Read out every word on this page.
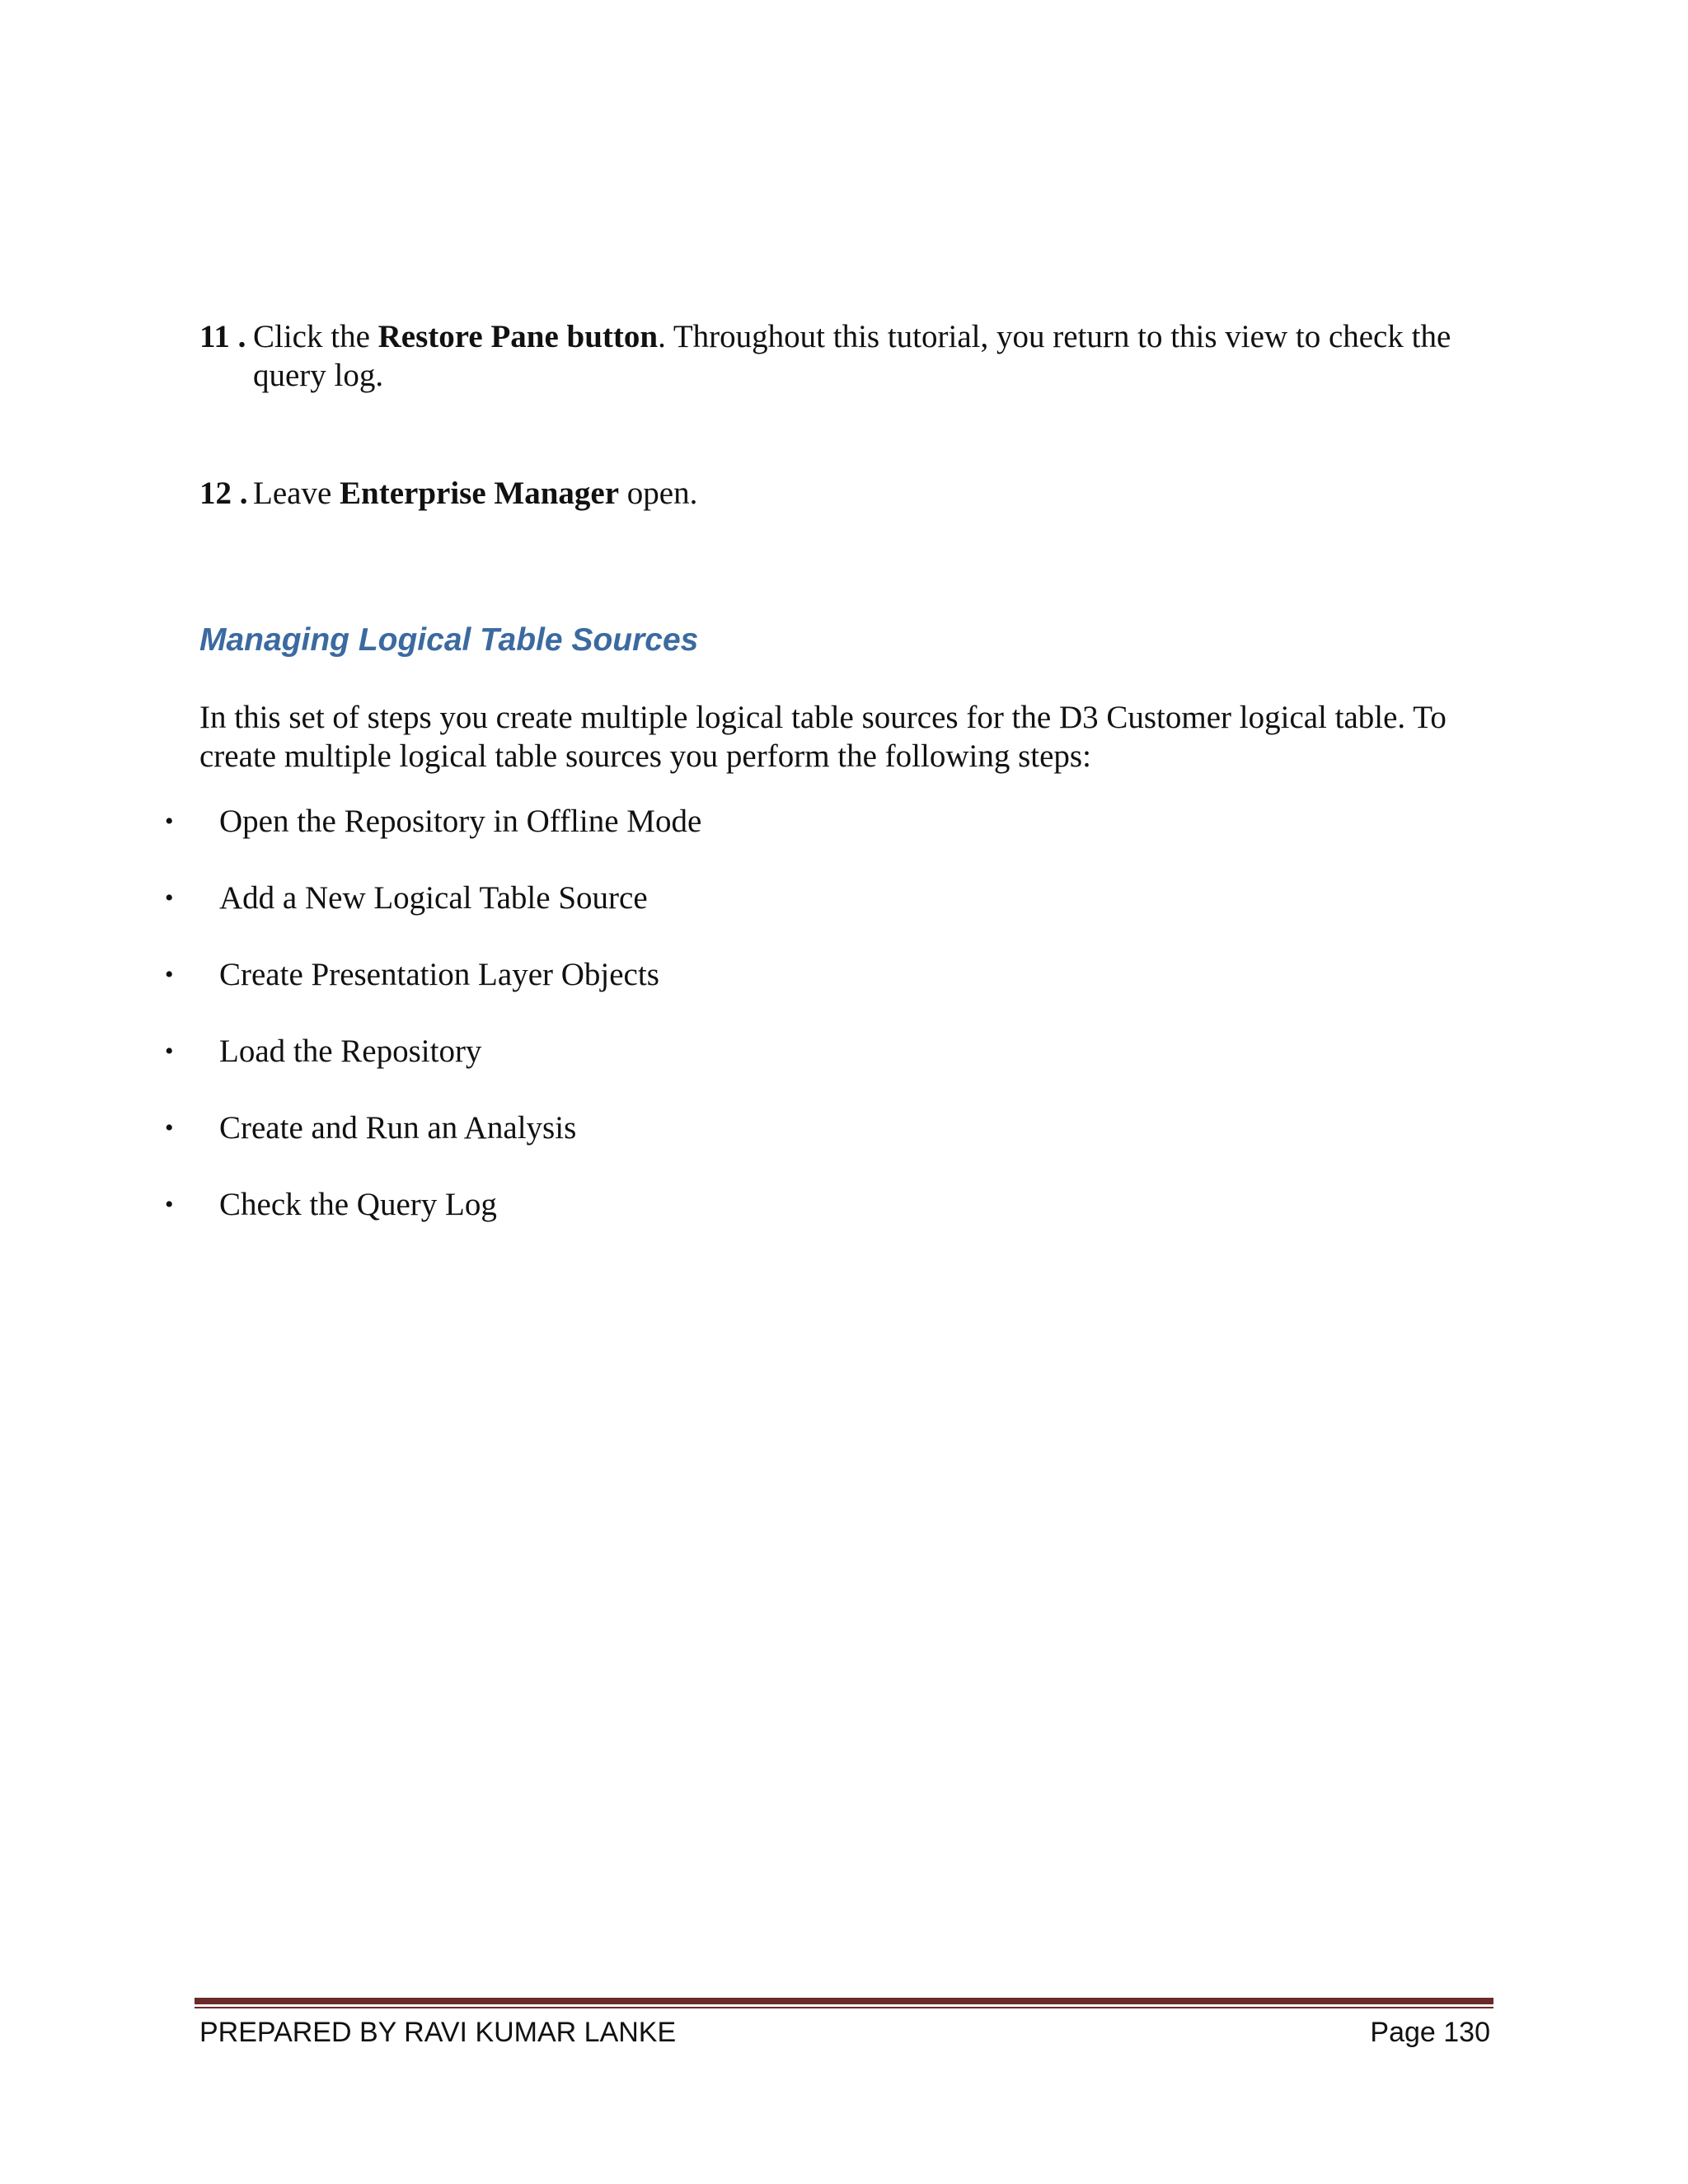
11 . Click the Restore Pane button. Throughout this tutorial, you return to this view to check the query log.
12 . Leave Enterprise Manager open.
Managing Logical Table Sources
In this set of steps you create multiple logical table sources for the D3 Customer logical table. To create multiple logical table sources you perform the following steps:
•	Open the Repository in Offline Mode
•	Add a New Logical Table Source
•	Create Presentation Layer Objects
•	Load the Repository
•	Create and Run an Analysis
•	Check the Query Log
PREPARED BY RAVI KUMAR LANKE	Page 130
